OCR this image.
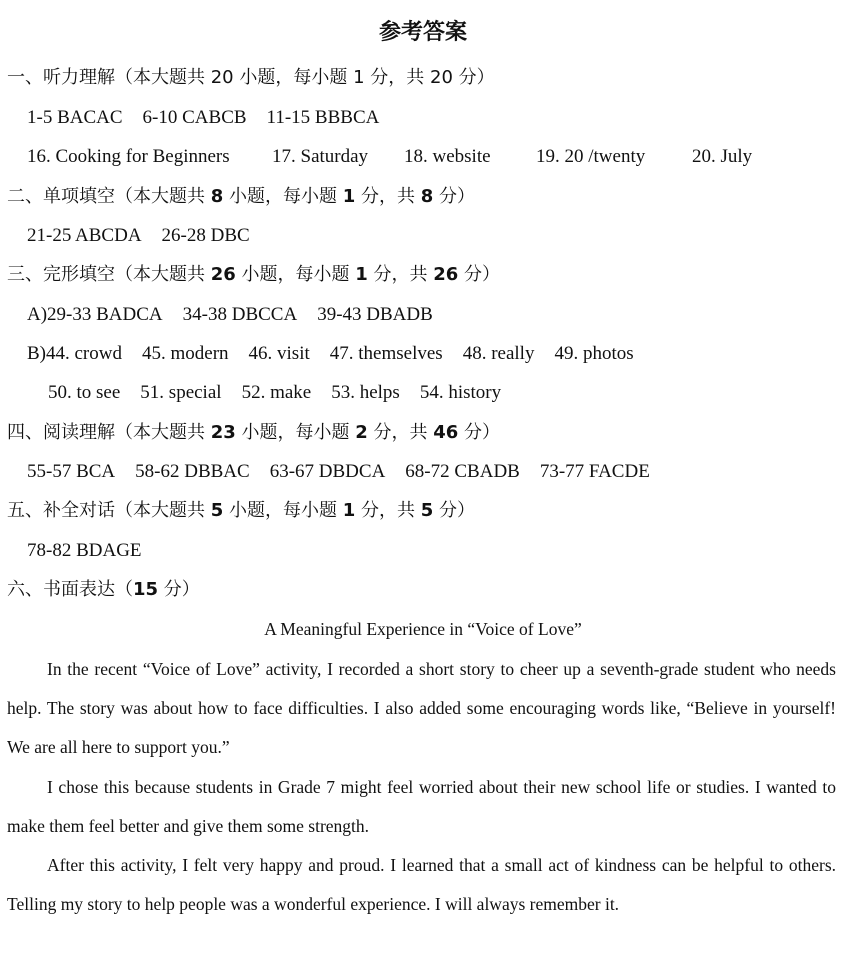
参考答案
一、听力理解（本大题共 20 小题，每小题 1 分，共 20 分）
1-5 BACAC 6-10 CABCB 11-15 BBBCA
16. Cooking for Beginners 17. Saturday 18. website 19. 20 /twenty 20. July
二、单项填空（本大题共 8 小题，每小题 1 分，共 8 分）
21-25 ABCDA 26-28 DBC
三、完形填空（本大题共 26 小题，每小题 1 分，共 26 分）
A)29-33 BADCA 34-38 DBCCA 39-43 DBADB
B)44. crowd 45. modern 46. visit 47. themselves 48. really 49. photos
50. to see 51. special 52. make 53. helps 54. history
四、阅读理解（本大题共 23 小题，每小题 2 分，共 46 分）
55-57 BCA 58-62 DBBAC 63-67 DBDCA 68-72 CBADB 73-77 FACDE
五、补全对话（本大题共 5 小题，每小题 1 分，共 5 分）
78-82 BDAGE
六、书面表达（15 分）
A Meaningful Experience in “Voice of Love”

In the recent “Voice of Love” activity, I recorded a short story to cheer up a seventh-grade student who needs help. The story was about how to face difficulties. I also added some encouraging words like, “Believe in yourself! We are all here to support you.”

I chose this because students in Grade 7 might feel worried about their new school life or studies. I wanted to make them feel better and give them some strength.

After this activity, I felt very happy and proud. I learned that a small act of kindness can be helpful to others. Telling my story to help people was a wonderful experience. I will always remember it.
